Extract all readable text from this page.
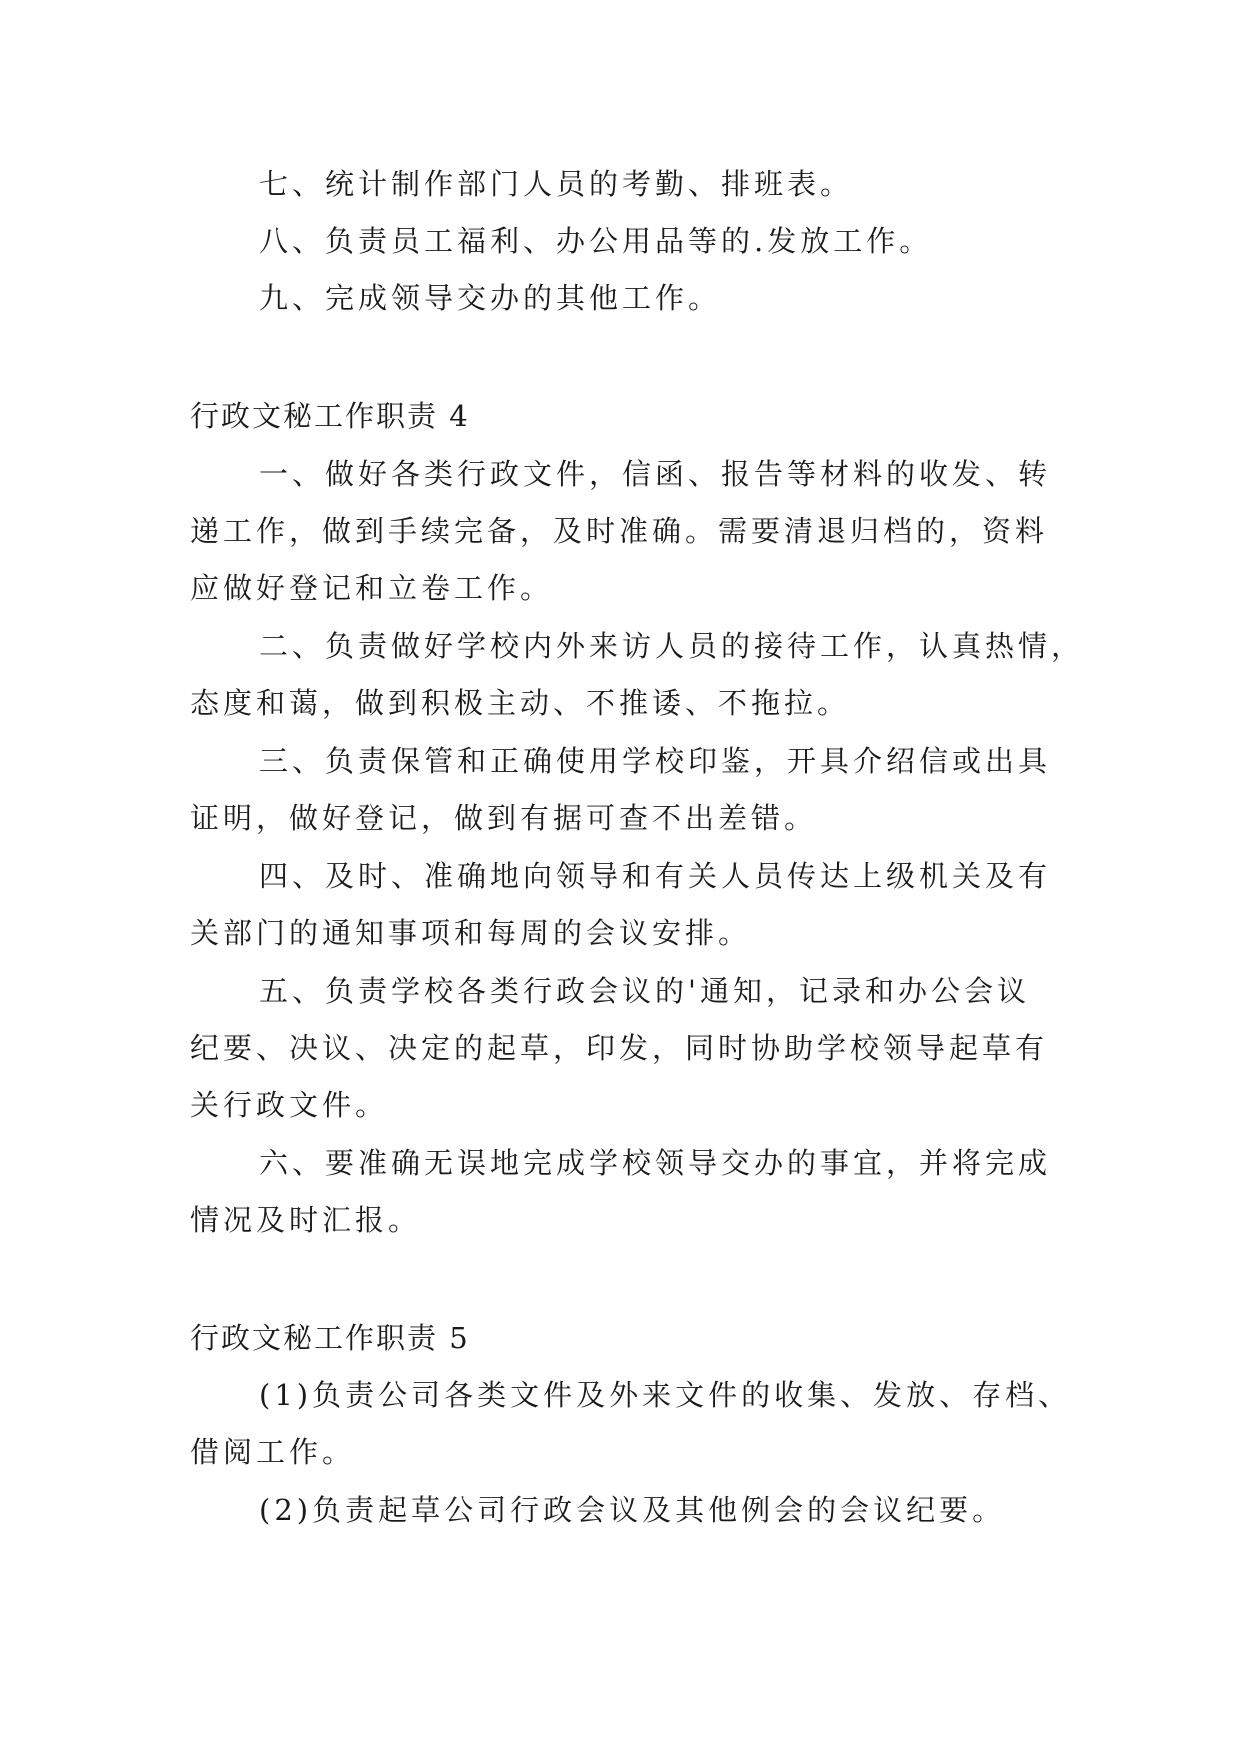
七、统计制作部门人员的考勤、排班表。
八、负责员工福利、办公用品等的.发放工作。
九、完成领导交办的其他工作。
行政文秘工作职责 4
一、做好各类行政文件，信函、报告等材料的收发、转
递工作，做到手续完备，及时准确。需要清退归档的，资料
应做好登记和立卷工作。
二、负责做好学校内外来访人员的接待工作，认真热情，
态度和蔼，做到积极主动、不推诿、不拖拉。
三、负责保管和正确使用学校印鉴，开具介绍信或出具
证明，做好登记，做到有据可查不出差错。
四、及时、准确地向领导和有关人员传达上级机关及有
关部门的通知事项和每周的会议安排。
五、负责学校各类行政会议的'通知，记录和办公会议
纪要、决议、决定的起草，印发，同时协助学校领导起草有
关行政文件。
六、要准确无误地完成学校领导交办的事宜，并将完成
情况及时汇报。
行政文秘工作职责 5
(1)负责公司各类文件及外来文件的收集、发放、存档、
借阅工作。
(2)负责起草公司行政会议及其他例会的会议纪要。
